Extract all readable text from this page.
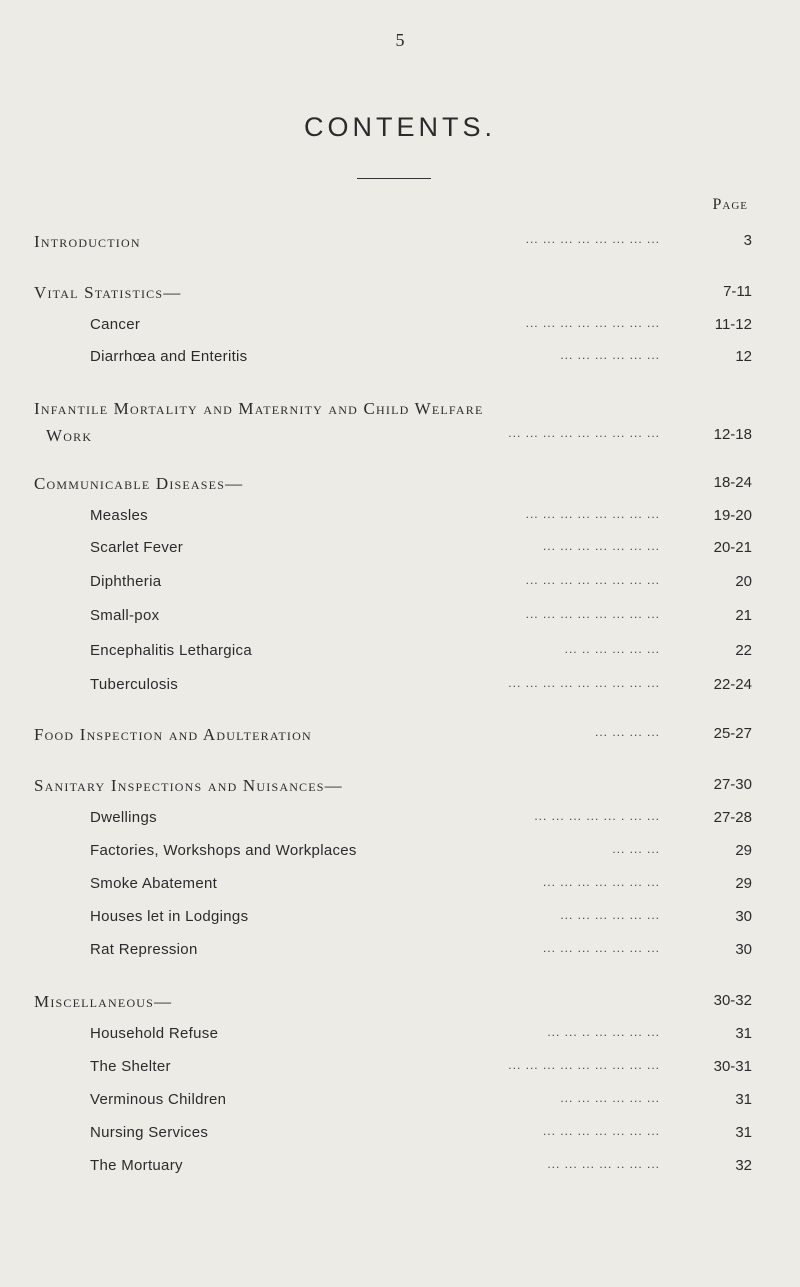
5
CONTENTS.
Page
Introduction	... ... ... ... ... ... ... ...	3
Vital Statistics—	7-11
Cancer	... ... ... ... ... ... ... ...	11-12
Diarrhœa and Enteritis	... ... ... ... ... ...	12
Infantile Mortality and Maternity and Child Welfare
Work	... ... ... ... ... ... ... ... ...	12-18
Communicable Diseases—	18-24
Measles	... ... ... ... ... ... ... ...	19-20
Scarlet Fever	... ... ... ... ... ... ...	20-21
Diphtheria	... ... ... ... ... ... ... ...	20
Small-pox	... ... ... ... ... ... ... ...	21
Encephalitis Lethargica	... .. ... ... ... ...	22
Tuberculosis	... ... ... ... ... ... ... ... ...	22-24
Food Inspection and Adulteration	... ... ... ...	25-27
Sanitary Inspections and Nuisances—	27-30
Dwellings	... ... ... ... ... . ... ...	27-28
Factories, Workshops and Workplaces	... ... ...	29
Smoke Abatement	... ... ... ... ... ... ...	29
Houses let in Lodgings	... ... ... ... ... ...	30
Rat Repression	... ... ... ... ... ... ...	30
Miscellaneous—	30-32
Household Refuse	... ... .. ... ... ... ...	31
The Shelter	... ... ... ... ... ... ... ... ...	30-31
Verminous Children	... ... ... ... ... ...	31
Nursing Services	... ... ... ... ... ... ...	31
The Mortuary	... ... ... ... .. ... ...	32
